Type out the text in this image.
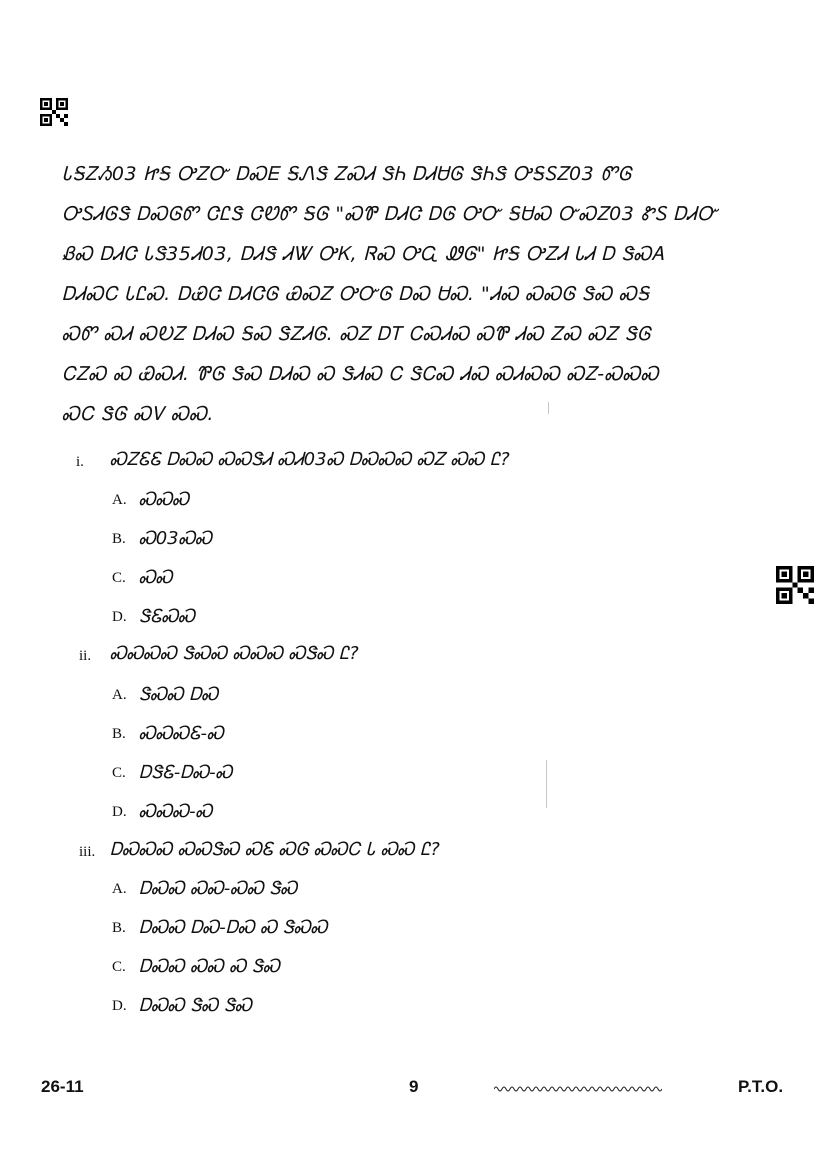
ᏓᎦᏃᏱ03 ᏥᎦ ᎤᏃᏅ ᎠᏍᎬ ᎦᏁᏕ ᏃᏍᏗ ᏕᏂ ᎠᏗᏌᎶ ᏕᏂᏕ ᎤᎦᏚᏃ03 ᏛᎶ
ᎤᏚᏗᎶᏕ ᎠᏍᎶᏛ ᏣᏝᏕ ᏣᏬᏛ ᎦᎶ "ᏍᏈ ᎠᏗᏣ ᎠᎶ ᎤᏅ ᎦᏌᏍ ᏅᏍᏃ03 ᏑᏚ ᎠᏗᏅ
ᏰᏍ ᎠᏗᏣ ᏓᏕ35Ꮧ03, ᎠᏗᏕ ᏗᏔ ᎤᏦ, ᏒᏍ ᎤᏩ ᏪᎶ" ᏥᎦ ᎤᏃᏗ ᏓᏗ Ꭰ ᏕᏍᎪ
ᎠᏗᏍᏟ ᏓᏝᏍ. ᎠᏯᏣ ᎠᏗᏣᎶ ᏯᏍᏃ ᎤᏅᎶ ᎠᏍ ᏌᏍ. "ᏗᏍ ᏍᏍᎶ ᏕᏍ ᏍᎦ
ᏍᏛ ᏍᏗ ᏍᎧᏃ ᎠᏗᏍ ᎦᏍ ᏕᏃᏗᎶ. ᏍᏃ ᎠᎢ ᏟᏍᏗᏍ ᏍᏈ ᏗᏍ ᏃᏍ ᏍᏃ ᏕᎶ
ᏟᏃᏍ Ꮝ ᏯᏍᏗ. ᏈᎶ ᏕᏍ ᎠᏗᏍ Ꮝ ᏕᏗᏍ Ꮯ ᏕᏟᏍ ᏗᏍ ᏍᏗᏍᏍ ᏍᏃ-ᏍᏍᏍ
ᏍᏟ ᏕᎶ ᏍᏙ ᏍᏍ.
i. ᏍᏃᏋᏋ ᎠᏍᏍ ᏍᏍᏕᏗ ᏍᏗ03Ꮝ ᎠᏍᏍᏍ ᏍᏃ ᏍᏍ Ꮭ?
A. ᏍᏍᏍ
B. Ꮝ03ᏍᏍ
C. ᏍᏍ
D. ᏕᏋᏍᏍ
ii. ᏍᏍᏍᏍ ᏕᏍᏍ ᏍᏍᏍ ᏍᏕᏍ Ꮭ?
A. ᏕᏍᏍ ᎠᏍ
B. ᏍᏍᏍᏋ-Ꮝ
C. ᎠᏕᏋ-ᎠᏍ-Ꮝ
D. ᏍᏍᏍ-Ꮝ
iii. ᎠᏍᏍᏍ ᏍᏍᏕᏍ ᏍᏋ ᏍᎶ ᏍᏍᏟ Ꮣ ᏍᏍ Ꮭ?
A. ᎠᏍᏍ ᏍᏍ-ᏍᏍ ᏕᏍ
B. ᎠᏍᏍ ᎠᏍ-ᎠᏍ Ꮝ ᏕᏍᏍ
C. ᎠᏍᏍ ᏍᏍ Ꮝ ᏕᏍ
D. ᎠᏍᏍ ᏕᏍ ᏕᏍ
26-11	9	P.T.O.
